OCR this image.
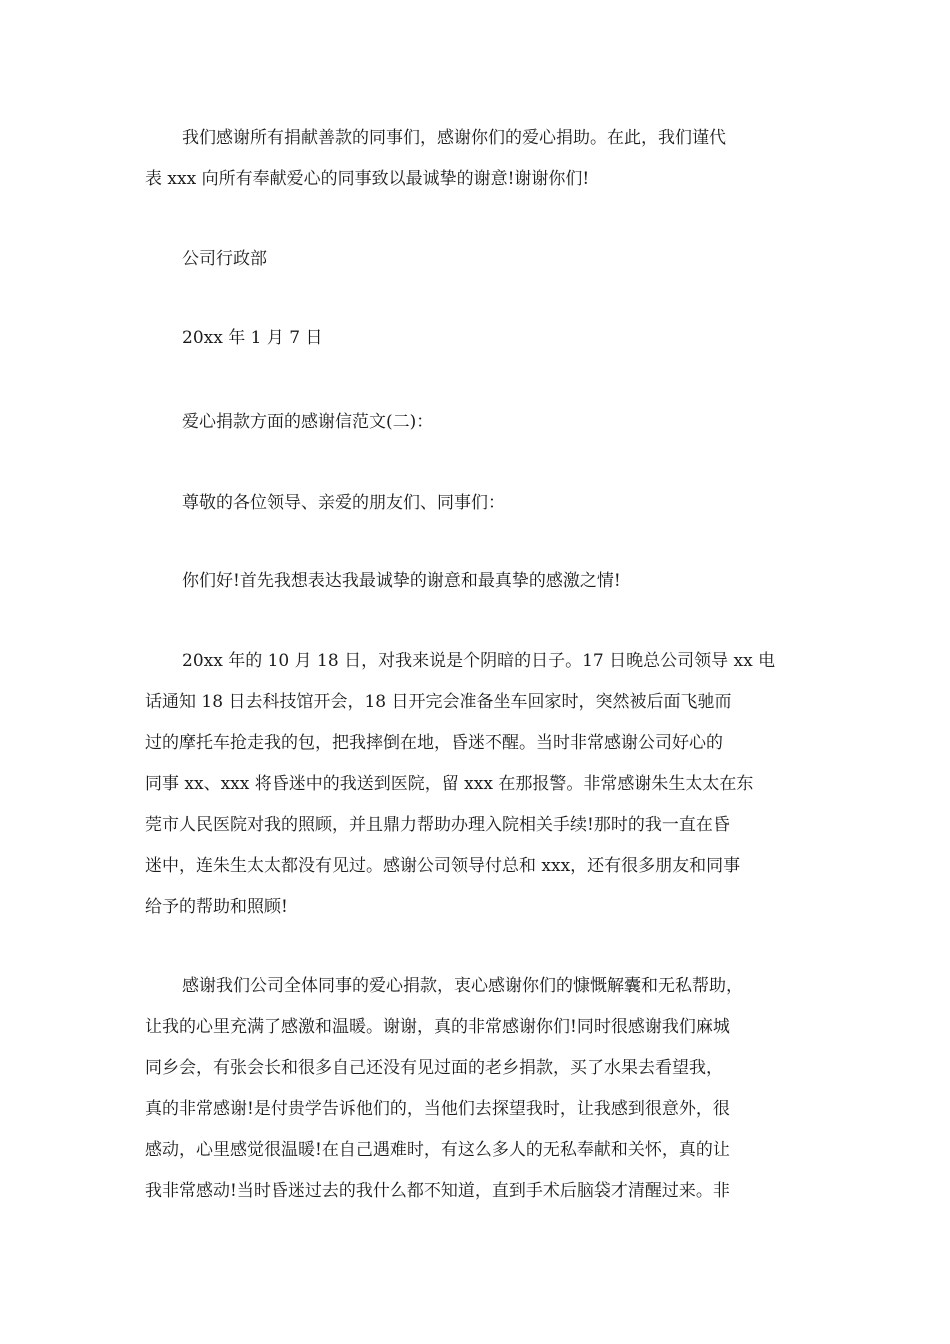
我们感谢所有捐献善款的同事们，感谢你们的爱心捐助。在此，我们谨代
表 xxx 向所有奉献爱心的同事致以最诚挚的谢意!谢谢你们!
公司行政部
20xx 年 1 月 7 日
爱心捐款方面的感谢信范文(二)：
尊敬的各位领导、亲爱的朋友们、同事们：
你们好!首先我想表达我最诚挚的谢意和最真挚的感激之情!
20xx 年的 10 月 18 日，对我来说是个阴暗的日子。17 日晚总公司领导 xx 电
话通知 18 日去科技馆开会，18 日开完会准备坐车回家时，突然被后面飞驰而
过的摩托车抢走我的包，把我摔倒在地，昏迷不醒。当时非常感谢公司好心的
同事 xx、xxx 将昏迷中的我送到医院，留 xxx 在那报警。非常感谢朱生太太在东
莞市人民医院对我的照顾，并且鼎力帮助办理入院相关手续!那时的我一直在昏
迷中，连朱生太太都没有见过。感谢公司领导付总和 xxx，还有很多朋友和同事
给予的帮助和照顾!
感谢我们公司全体同事的爱心捐款，衷心感谢你们的慷慨解囊和无私帮助，
让我的心里充满了感激和温暖。谢谢，真的非常感谢你们!同时很感谢我们麻城
同乡会，有张会长和很多自己还没有见过面的老乡捐款，买了水果去看望我，
真的非常感谢!是付贵学告诉他们的，当他们去探望我时，让我感到很意外，很
感动，心里感觉很温暖!在自己遇难时，有这么多人的无私奉献和关怀，真的让
我非常感动!当时昏迷过去的我什么都不知道，直到手术后脑袋才清醒过来。非
